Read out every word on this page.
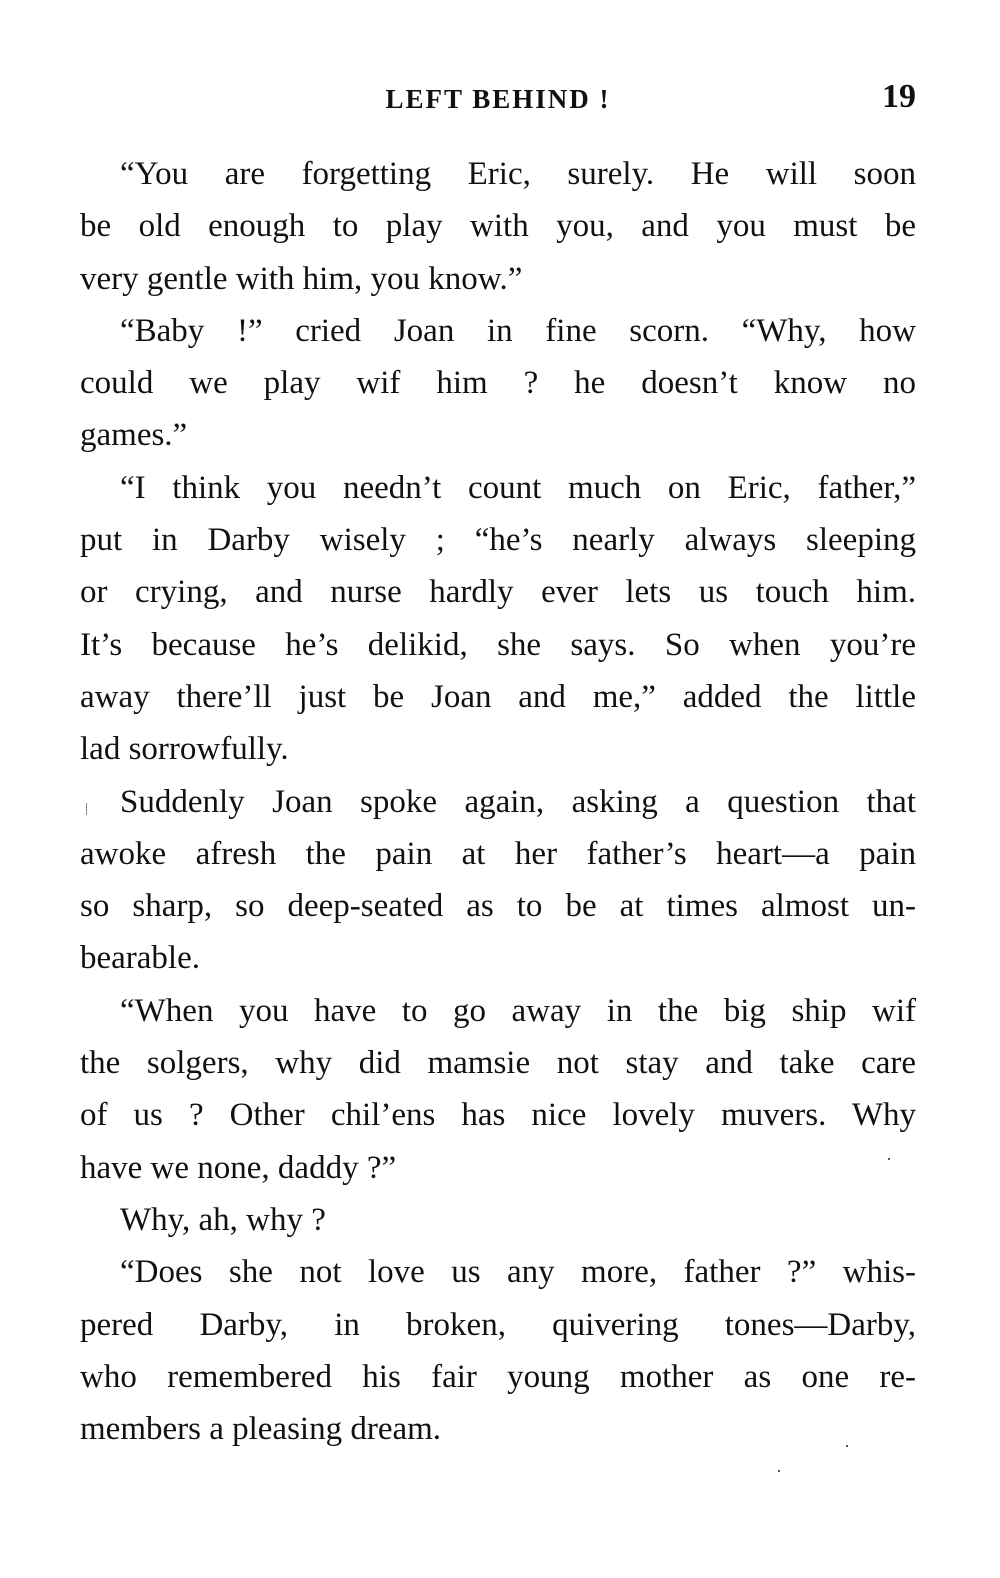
LEFT BEHIND !	19
“You are forgetting Eric, surely. He will soon
be old enough to play with you, and you must be
very gentle with him, you know.”
“Baby !” cried Joan in fine scorn. “Why, how
could we play wif him ? he doesn’t know no
games.”
“I think you needn’t count much on Eric, father,”
put in Darby wisely ; “he’s nearly always sleeping
or crying, and nurse hardly ever lets us touch him.
It’s because he’s delikid, she says. So when you’re
away there’ll just be Joan and me,” added the little
lad sorrowfully.
Suddenly Joan spoke again, asking a question that
awoke afresh the pain at her father’s heart—a pain
so sharp, so deep-seated as to be at times almost un-
bearable.
“When you have to go away in the big ship wif
the solgers, why did mamsie not stay and take care
of us ? Other chil’ens has nice lovely muvers. Why
have we none, daddy ?”
Why, ah, why ?
“Does she not love us any more, father ?” whis-
pered Darby, in broken, quivering tones—Darby,
who remembered his fair young mother as one re-
members a pleasing dream.
